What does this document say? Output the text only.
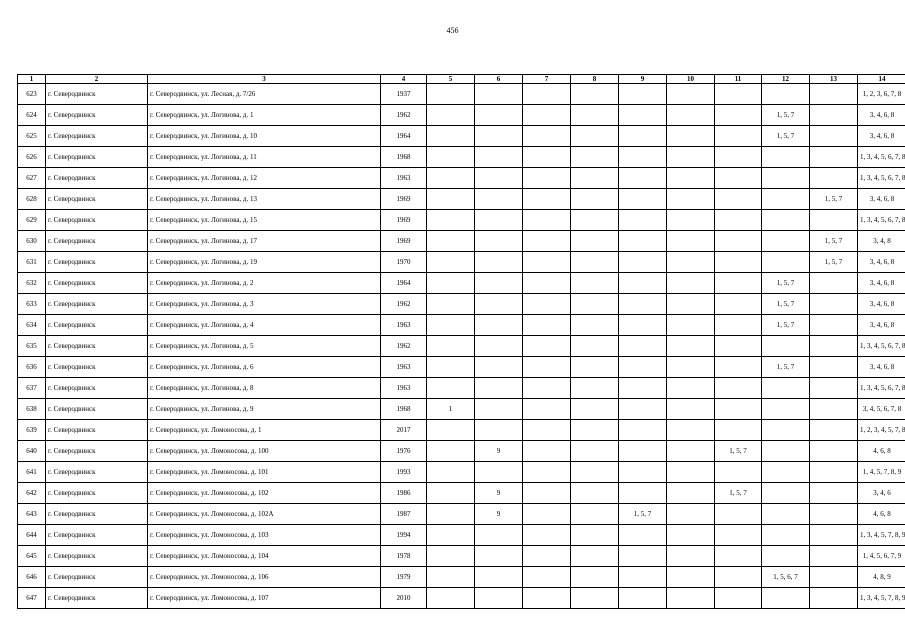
456
1	2	3	4	5	6	7	8	9	10	11	12	13	14
623	г. Северодвинск	г. Северодвинск, ул. Лесная, д. 7/26	1937										1, 2, 3, 6, 7, 8
624	г. Северодвинск	г. Северодвинск, ул. Логинова, д. 1	1962								1, 5, 7		3, 4, 6, 8
625	г. Северодвинск	г. Северодвинск, ул. Логинова, д. 10	1964								1, 5, 7		3, 4, 6, 8
626	г. Северодвинск	г. Северодвинск, ул. Логинова, д. 11	1968										1, 3, 4, 5, 6, 7, 8
627	г. Северодвинск	г. Северодвинск, ул. Логинова, д. 12	1963										1, 3, 4, 5, 6, 7, 8
628	г. Северодвинск	г. Северодвинск, ул. Логинова, д. 13	1969									1, 5, 7	3, 4, 6, 8
629	г. Северодвинск	г. Северодвинск, ул. Логинова, д. 15	1969										1, 3, 4, 5, 6, 7, 8
630	г. Северодвинск	г. Северодвинск, ул. Логинова, д. 17	1969									1, 5, 7	3, 4, 8
631	г. Северодвинск	г. Северодвинск, ул. Логинова, д. 19	1970									1, 5, 7	3, 4, 6, 8
632	г. Северодвинск	г. Северодвинск, ул. Логинова, д. 2	1964								1, 5, 7		3, 4, 6, 8
633	г. Северодвинск	г. Северодвинск, ул. Логинова, д. 3	1962								1, 5, 7		3, 4, 6, 8
634	г. Северодвинск	г. Северодвинск, ул. Логинова, д. 4	1963								1, 5, 7		3, 4, 6, 8
635	г. Северодвинск	г. Северодвинск, ул. Логинова, д. 5	1962										1, 3, 4, 5, 6, 7, 8
636	г. Северодвинск	г. Северодвинск, ул. Логинова, д. 6	1963								1, 5, 7		3, 4, 6, 8
637	г. Северодвинск	г. Северодвинск, ул. Логинова, д. 8	1963										1, 3, 4, 5, 6, 7, 8
638	г. Северодвинск	г. Северодвинск, ул. Логинова, д. 9	1968	1									3, 4, 5, 6, 7, 8
639	г. Северодвинск	г. Северодвинск, ул. Ломоносова, д. 1	2017										1, 2, 3, 4, 5, 7, 8
640	г. Северодвинск	г. Северодвинск, ул. Ломоносова, д. 100	1976		9					1, 5, 7			4, 6, 8
641	г. Северодвинск	г. Северодвинск, ул. Ломоносова, д. 101	1993										1, 4, 5, 7, 8, 9
642	г. Северодвинск	г. Северодвинск, ул. Ломоносова, д. 102	1986		9					1, 5, 7			3, 4, 6
643	г. Северодвинск	г. Северодвинск, ул. Ломоносова, д. 102А	1987		9			1, 5, 7					4, 6, 8
644	г. Северодвинск	г. Северодвинск, ул. Ломоносова, д. 103	1994										1, 3, 4, 5, 7, 8, 9
645	г. Северодвинск	г. Северодвинск, ул. Ломоносова, д. 104	1978										1, 4, 5, 6, 7, 9
646	г. Северодвинск	г. Северодвинск, ул. Ломоносова, д. 106	1979								1, 5, 6, 7		4, 8, 9
647	г. Северодвинск	г. Северодвинск, ул. Ломоносова, д. 107	2010										1, 3, 4, 5, 7, 8, 9
